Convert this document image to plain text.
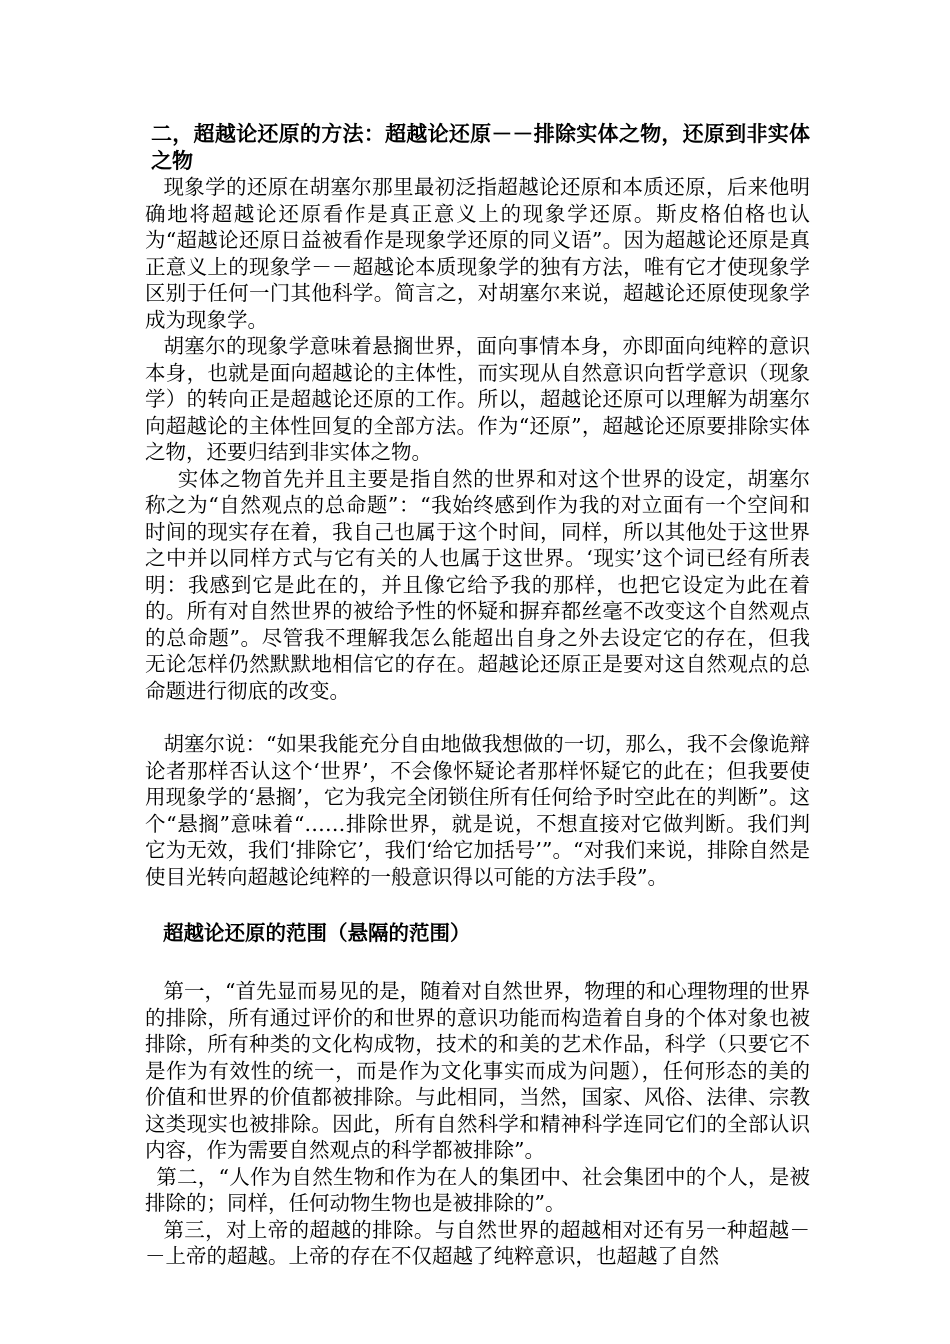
二，超越论还原的方法：超越论还原－－排除实体之物，还原到非实体之物

现象学的还原在胡塞尔那里最初泛指超越论还原和本质还原，后来他明确地将超越论还原看作是真正意义上的现象学还原。斯皮格伯格也认为“超越论还原日益被看作是现象学还原的同义语”。因为超越论还原是真正意义上的现象学－－超越论本质现象学的独有方法，唯有它才使现象学区别于任何一门其他科学。简言之，对胡塞尔来说，超越论还原使现象学成为现象学。

胡塞尔的现象学意味着悬搁世界，面向事情本身，亦即面向纯粹的意识本身，也就是面向超越论的主体性，而实现从自然意识向哲学意识（现象学）的转向正是超越论还原的工作。所以，超越论还原可以理解为胡塞尔向超越论的主体性回复的全部方法。作为“还原”，超越论还原要排除实体之物，还要归结到非实体之物。

实体之物首先并且主要是指自然的世界和对这个世界的设定，胡塞尔称之为“自然观点的总命题”：“我始终感到作为我的对立面有一个空间和时间的现实存在着，我自己也属于这个时间，同样，所以其他处于这世界之中并以同样方式与它有关的人也属于这世界。‘现实’这个词已经有所表明：我感到它是此在的，并且像它给予我的那样，也把它设定为此在着的。所有对自然世界的被给予性的怀疑和摒弃都丝毫不改变这个自然观点的总命题”。尽管我不理解我怎么能超出自身之外去设定它的存在，但我无论怎样仍然默默地相信它的存在。超越论还原正是要对这自然观点的总命题进行彻底的改变。

胡塞尔说：“如果我能充分自由地做我想做的一切，那么，我不会像诡辩论者那样否认这个‘世界’，不会像怀疑论者那样怀疑它的此在；但我要使用现象学的‘悬搁’，它为我完全闭锁住所有任何给予时空此在的判断”。这个“悬搁”意味着“……排除世界，就是说，不想直接对它做判断。我们判它为无效，我们‘排除它’，我们‘给它加括号’”。“对我们来说，排除自然是使目光转向超越论纯粹的一般意识得以可能的方法手段”。

超越论还原的范围（悬隔的范围）

第一，“首先显而易见的是，随着对自然世界，物理的和心理物理的世界的排除，所有通过评价的和世界的意识功能而构造着自身的个体对象也被排除，所有种类的文化构成物，技术的和美的艺术作品，科学（只要它不是作为有效性的统一，而是作为文化事实而成为问题），任何形态的美的价值和世界的价值都被排除。与此相同，当然，国家、风俗、法律、宗教这类现实也被排除。因此，所有自然科学和精神科学连同它们的全部认识内容，作为需要自然观点的科学都被排除”。

第二，“人作为自然生物和作为在人的集团中、社会集团中的个人，是被排除的；同样，任何动物生物也是被排除的”。

第三，对上帝的超越的排除。与自然世界的超越相对还有另一种超越－－上帝的超越。上帝的存在不仅超越了纯粹意识，也超越了自然
